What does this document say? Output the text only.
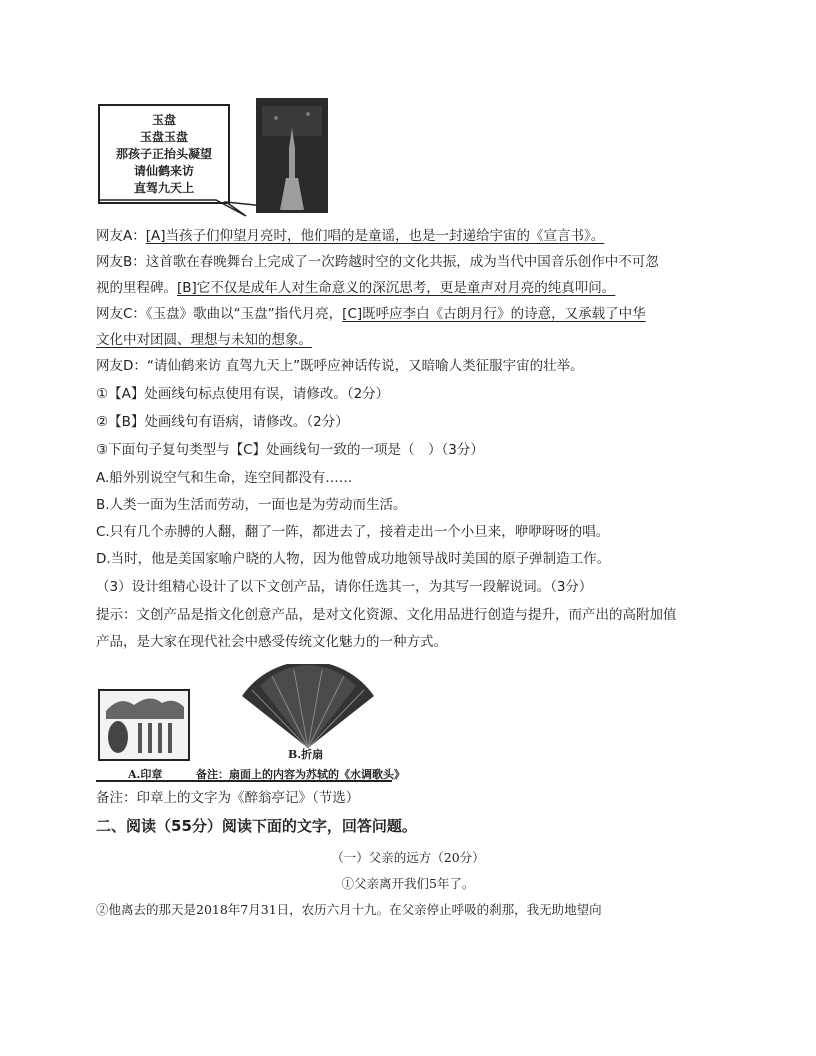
玉盘
玉盘玉盘
那孩子正抬头凝望
请仙鹤来访
直驾九天上
网友A：[A]当孩子们仰望月亮时，他们唱的是童谣，也是一封递给宇宙的《宣言书》。
网友B：这首歌在春晚舞台上完成了一次跨越时空的文化共振，成为当代中国音乐创作中不可忽
视的里程碑。[B]它不仅是成年人对生命意义的深沉思考，更是童声对月亮的纯真叩问。
网友C：《玉盘》歌曲以“玉盘”指代月亮，[C]既呼应李白《古朗月行》的诗意，又承载了中华
文化中对团圆、理想与未知的想象。
网友D：“请仙鹤来访 直驾九天上”既呼应神话传说，又暗喻人类征服宇宙的壮举。
①【A】处画线句标点使用有误，请修改。（2分）
②【B】处画线句有语病，请修改。（2分）
③下面句子复句类型与【C】处画线句一致的一项是（　）（3分）
A.船外别说空气和生命，连空间都没有……
B.人类一面为生活而劳动，一面也是为劳动而生活。
C.只有几个赤膊的人翻，翻了一阵，都进去了，接着走出一个小旦来，咿咿呀呀的唱。
D.当时，他是美国家喻户晓的人物，因为他曾成功地领导战时美国的原子弹制造工作。
（3）设计组精心设计了以下文创产品，请你任选其一，为其写一段解说词。（3分）
提示：文创产品是指文化创意产品，是对文化资源、文化用品进行创造与提升，而产出的高附加值
产品，是大家在现代社会中感受传统文化魅力的一种方式。
A.印章
B.折扇
备注：扇面上的内容为苏轼的《水调歌头》
备注：印章上的文字为《醉翁亭记》（节选）
二、阅读（55分）阅读下面的文字，回答问题。
（一）父亲的远方（20分）
①父亲离开我们5年了。
②他离去的那天是2018年7月31日，农历六月十九。在父亲停止呼吸的刹那，我无助地望向
